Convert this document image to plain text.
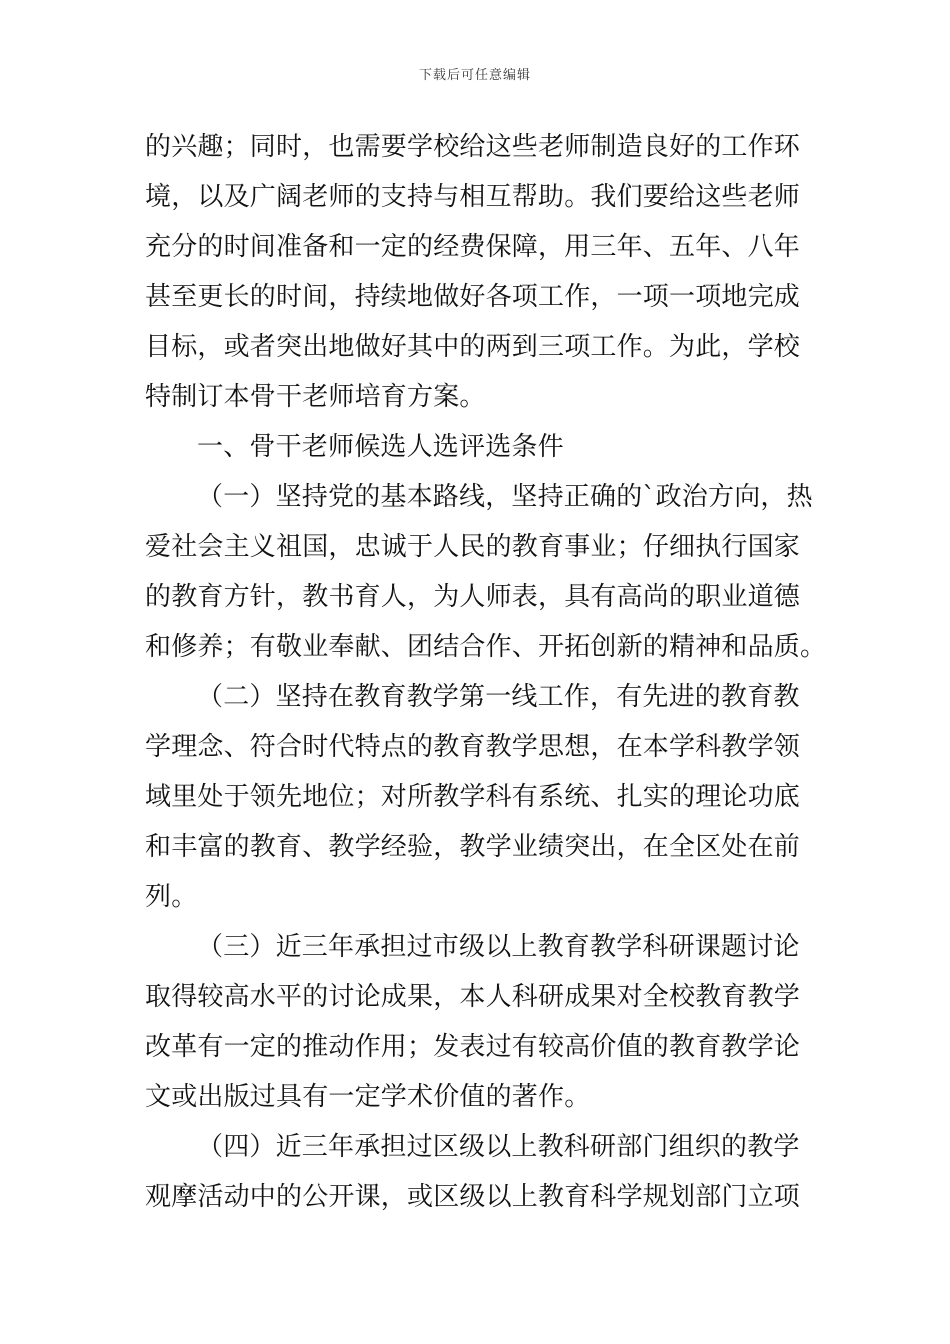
下载后可任意编辑
的兴趣；同时，也需要学校给这些老师制造良好的工作环
境，以及广阔老师的支持与相互帮助。我们要给这些老师
充分的时间准备和一定的经费保障，用三年、五年、八年
甚至更长的时间，持续地做好各项工作，一项一项地完成
目标，或者突出地做好其中的两到三项工作。为此，学校
特制订本骨干老师培育方案。
一、骨干老师候选人选评选条件
（一）坚持党的基本路线，坚持正确的`政治方向，热
爱社会主义祖国，忠诚于人民的教育事业；仔细执行国家
的教育方针，教书育人，为人师表，具有高尚的职业道德
和修养；有敬业奉献、团结合作、开拓创新的精神和品质。
（二）坚持在教育教学第一线工作，有先进的教育教
学理念、符合时代特点的教育教学思想，在本学科教学领
域里处于领先地位；对所教学科有系统、扎实的理论功底
和丰富的教育、教学经验，教学业绩突出，在全区处在前
列。
（三）近三年承担过市级以上教育教学科研课题讨论
取得较高水平的讨论成果，本人科研成果对全校教育教学
改革有一定的推动作用；发表过有较高价值的教育教学论
文或出版过具有一定学术价值的著作。
（四）近三年承担过区级以上教科研部门组织的教学
观摩活动中的公开课，或区级以上教育科学规划部门立项
